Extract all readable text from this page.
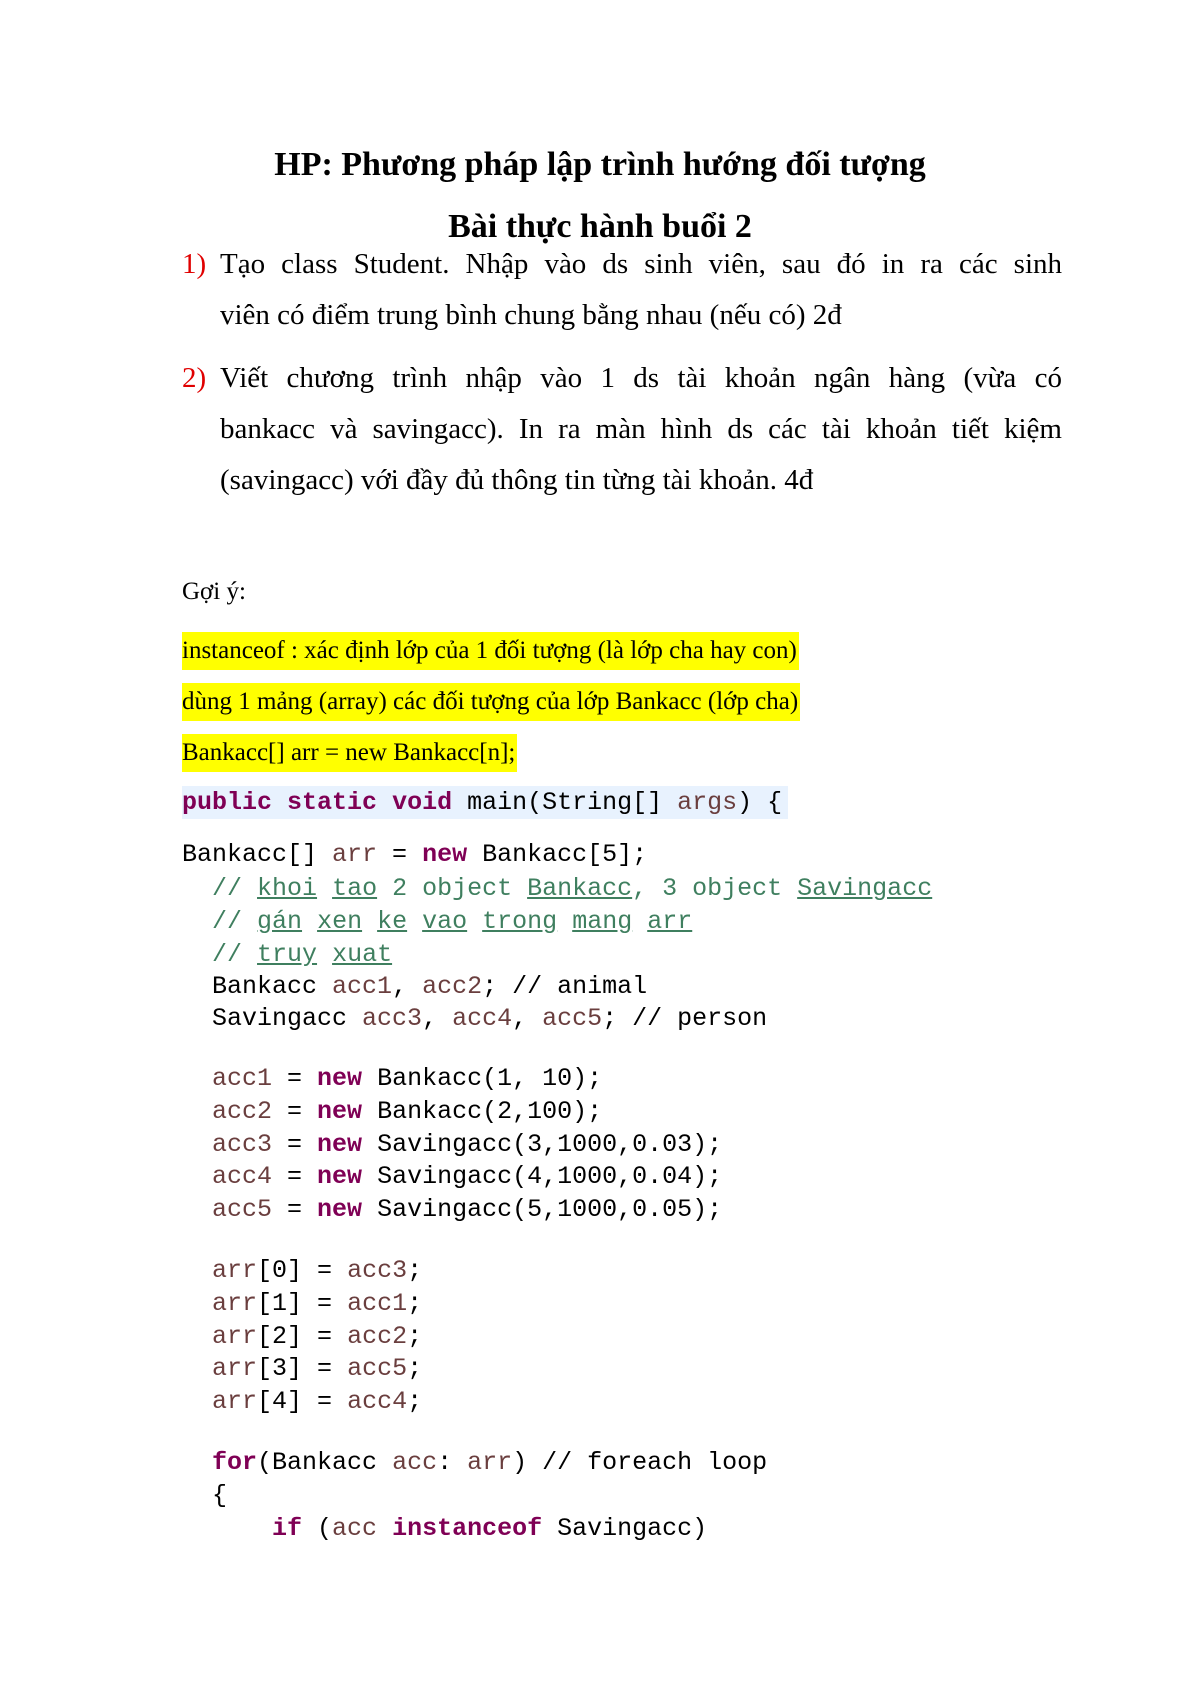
HP: Phương pháp lập trình hướng đối tượng
Bài thực hành buổi 2
1) Tạo class Student. Nhập vào ds sinh viên, sau đó in ra các sinh
viên có điểm trung bình chung bằng nhau (nếu có) 2đ
2) Viết chương trình nhập vào 1 ds tài khoản ngân hàng (vừa có
bankacc và savingacc). In ra màn hình ds các tài khoản tiết kiệm
(savingacc) với đầy đủ thông tin từng tài khoản. 4đ
Gợi ý:
instanceof : xác định lớp của 1 đối tượng (là lớp cha hay con)
dùng 1 mảng (array) các đối tượng của lớp Bankacc (lớp cha)
Bankacc[] arr = new Bankacc[n];
public static void main(String[] args) {
Bankacc[] arr = new Bankacc[5];
// khoi tao 2 object Bankacc, 3 object Savingacc
// gán xen ke vao trong mang arr
// truy xuat
Bankacc acc1, acc2; // animal
Savingacc acc3, acc4, acc5; // person
acc1 = new Bankacc(1, 10);
acc2 = new Bankacc(2,100);
acc3 = new Savingacc(3,1000,0.03);
acc4 = new Savingacc(4,1000,0.04);
acc5 = new Savingacc(5,1000,0.05);
arr[0] = acc3;
arr[1] = acc1;
arr[2] = acc2;
arr[3] = acc5;
arr[4] = acc4;
for(Bankacc acc: arr) // foreach loop
{
if (acc instanceof Savingacc)
